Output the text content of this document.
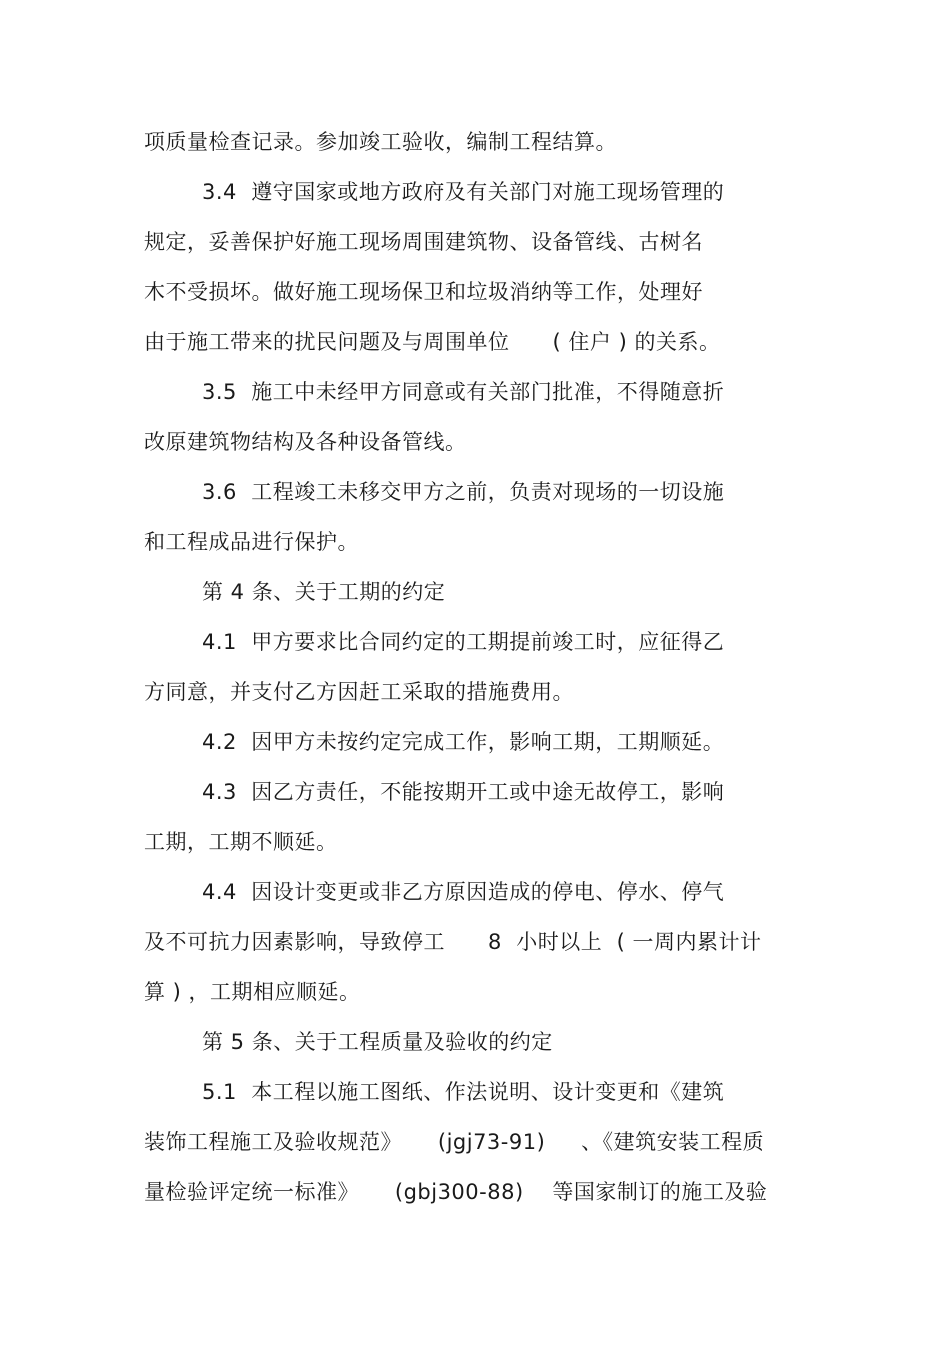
项质量检查记录。参加竣工验收，编制工程结算。
3.4  遵守国家或地方政府及有关部门对施工现场管理的
规定，妥善保护好施工现场周围建筑物、设备管线、古树名
木不受损坏。做好施工现场保卫和垃圾消纳等工作，处理好
由于施工带来的扰民问题及与周围单位      ( 住户 ) 的关系。
3.5  施工中未经甲方同意或有关部门批准，不得随意折
改原建筑物结构及各种设备管线。
3.6  工程竣工未移交甲方之前，负责对现场的一切设施
和工程成品进行保护。
第 4 条、关于工期的约定
4.1  甲方要求比合同约定的工期提前竣工时，应征得乙
方同意，并支付乙方因赶工采取的措施费用。
4.2  因甲方未按约定完成工作，影响工期，工期顺延。
4.3  因乙方责任，不能按期开工或中途无故停工，影响
工期，工期不顺延。
4.4  因设计变更或非乙方原因造成的停电、停水、停气
及不可抗力因素影响，导致停工      8  小时以上  ( 一周内累计计
算 ) ，工期相应顺延。
第 5 条、关于工程质量及验收的约定
5.1  本工程以施工图纸、作法说明、设计变更和《建筑
装饰工程施工及验收规范》     (jgj73-91)     、《建筑安装工程质
量检验评定统一标准》     (gbj300-88)    等国家制订的施工及验
